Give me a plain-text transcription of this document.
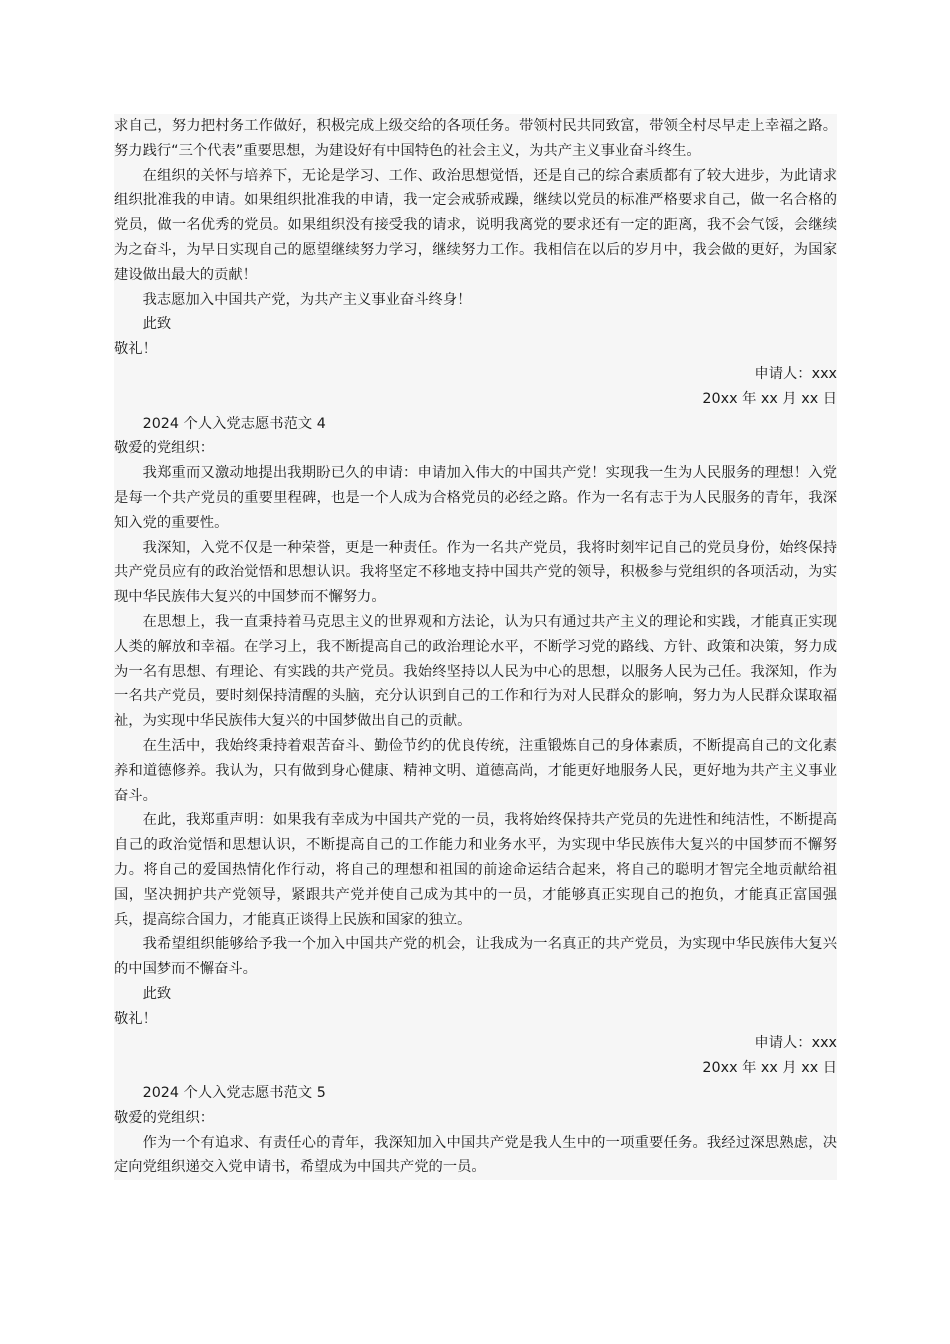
求自己，努力把村务工作做好，积极完成上级交给的各项任务。带领村民共同致富，带领全村尽早走上幸福之路。努力践行“三个代表”重要思想，为建设好有中国特色的社会主义，为共产主义事业奋斗终生。

在组织的关怀与培养下，无论是学习、工作、政治思想觉悟，还是自己的综合素质都有了较大进步，为此请求组织批准我的申请。如果组织批准我的申请，我一定会戒骄戒躁，继续以党员的标准严格要求自己，做一名合格的党员，做一名优秀的党员。如果组织没有接受我的请求，说明我离党的要求还有一定的距离，我不会气馁，会继续为之奋斗，为早日实现自己的愿望继续努力学习，继续努力工作。我相信在以后的岁月中，我会做的更好，为国家建设做出最大的贡献！

我志愿加入中国共产党，为共产主义事业奋斗终身！

此致

敬礼！

申请人：xxx

20xx 年 xx 月 xx 日

2024 个人入党志愿书范文 4

敬爱的党组织：

我郑重而又激动地提出我期盼已久的申请：申请加入伟大的中国共产党！实现我一生为人民服务的理想！入党是每一个共产党员的重要里程碑，也是一个人成为合格党员的必经之路。作为一名有志于为人民服务的青年，我深知入党的重要性。

我深知，入党不仅是一种荣誉，更是一种责任。作为一名共产党员，我将时刻牢记自己的党员身份，始终保持共产党员应有的政治觉悟和思想认识。我将坚定不移地支持中国共产党的领导，积极参与党组织的各项活动，为实现中华民族伟大复兴的中国梦而不懈努力。

在思想上，我一直秉持着马克思主义的世界观和方法论，认为只有通过共产主义的理论和实践，才能真正实现人类的解放和幸福。在学习上，我不断提高自己的政治理论水平，不断学习党的路线、方针、政策和决策，努力成为一名有思想、有理论、有实践的共产党员。我始终坚持以人民为中心的思想，以服务人民为己任。我深知，作为一名共产党员，要时刻保持清醒的头脑，充分认识到自己的工作和行为对人民群众的影响，努力为人民群众谋取福祉，为实现中华民族伟大复兴的中国梦做出自己的贡献。

在生活中，我始终秉持着艰苦奋斗、勤俭节约的优良传统，注重锻炼自己的身体素质，不断提高自己的文化素养和道德修养。我认为，只有做到身心健康、精神文明、道德高尚，才能更好地服务人民，更好地为共产主义事业奋斗。

在此，我郑重声明：如果我有幸成为中国共产党的一员，我将始终保持共产党员的先进性和纯洁性，不断提高自己的政治觉悟和思想认识，不断提高自己的工作能力和业务水平，为实现中华民族伟大复兴的中国梦而不懈努力。将自己的爱国热情化作行动，将自己的理想和祖国的前途命运结合起来，将自己的聪明才智完全地贡献给祖国，坚决拥护共产党领导，紧跟共产党并使自己成为其中的一员，才能够真正实现自己的抱负，才能真正富国强兵，提高综合国力，才能真正谈得上民族和国家的独立。

我希望组织能够给予我一个加入中国共产党的机会，让我成为一名真正的共产党员，为实现中华民族伟大复兴的中国梦而不懈奋斗。

此致

敬礼！

申请人：xxx

20xx 年 xx 月 xx 日

2024 个人入党志愿书范文 5

敬爱的党组织：

作为一个有追求、有责任心的青年，我深知加入中国共产党是我人生中的一项重要任务。我经过深思熟虑，决定向党组织递交入党申请书，希望成为中国共产党的一员。
